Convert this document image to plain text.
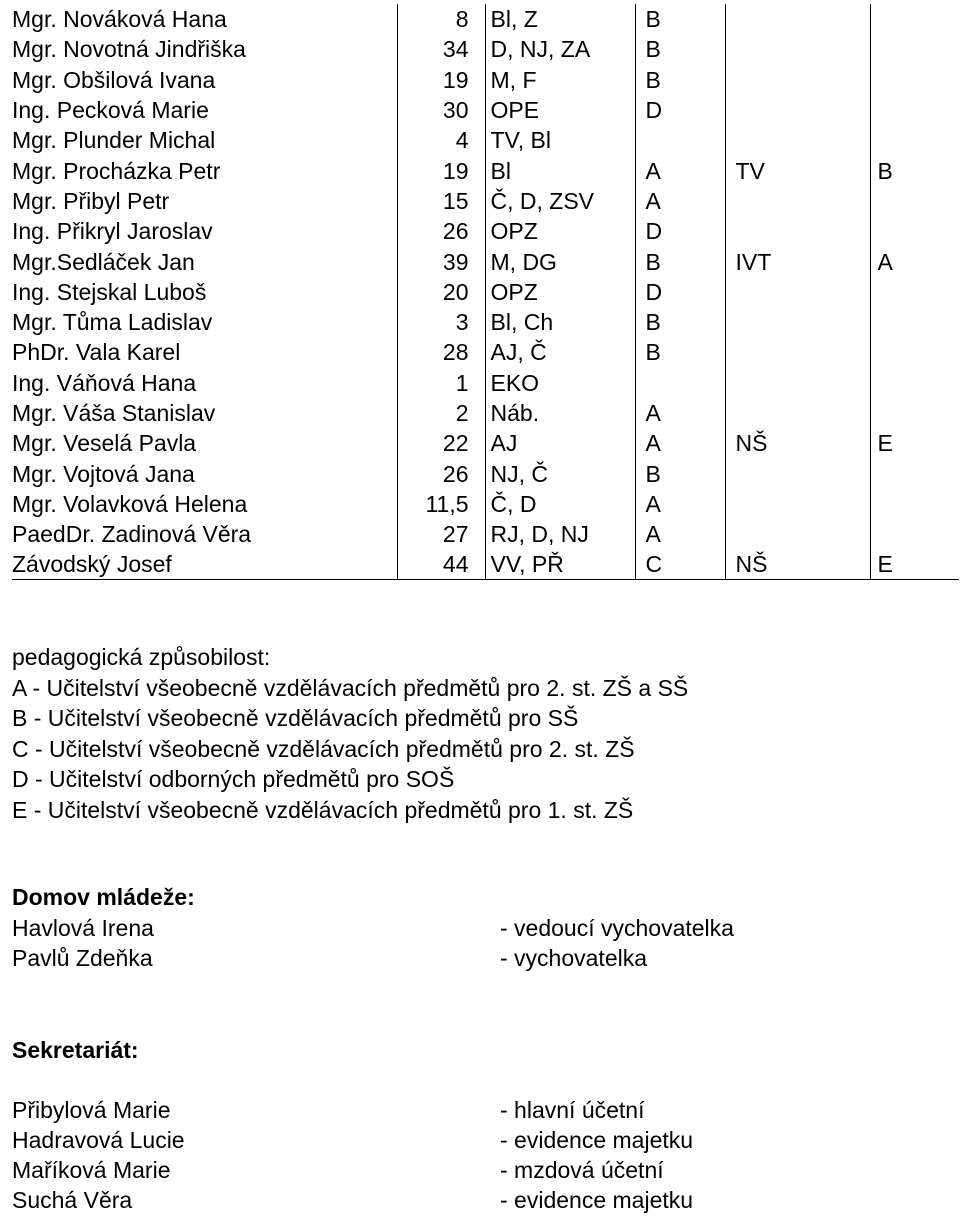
Mgr. Nováková Hana	8	Bl, Z	B		
Mgr. Novotná Jindřiška	34	D, NJ, ZA	B		
Mgr. Obšilová Ivana	19	M, F	B		
Ing. Pecková Marie	30	OPE	D		
Mgr. Plunder Michal	4	TV, Bl			
Mgr. Procházka Petr	19	Bl	A	TV	B
Mgr. Přibyl Petr	15	Č, D, ZSV	A		
Ing. Přikryl Jaroslav	26	OPZ	D		
Mgr.Sedláček Jan	39	M, DG	B	IVT	A
Ing. Stejskal Luboš	20	OPZ	D		
Mgr. Tůma Ladislav	3	Bl, Ch	B		
PhDr. Vala Karel	28	AJ, Č	B		
Ing. Váňová Hana	1	EKO			
Mgr. Váša Stanislav	2	Náb.	A		
Mgr. Veselá Pavla	22	AJ	A	NŠ	E
Mgr. Vojtová Jana	26	NJ, Č	B		
Mgr. Volavková Helena	11,5	Č, D	A		
PaedDr. Zadinová Věra	27	RJ, D, NJ	A		
Závodský Josef	44	VV, PŘ	C	NŠ	E
pedagogická způsobilost:
A - Učitelství všeobecně vzdělávacích předmětů pro 2. st. ZŠ a SŠ
B - Učitelství všeobecně vzdělávacích předmětů pro SŠ
C - Učitelství všeobecně vzdělávacích předmětů pro 2. st. ZŠ
D - Učitelství odborných předmětů pro SOŠ
E - Učitelství všeobecně vzdělávacích předmětů pro 1. st. ZŠ
Domov mládeže:
Havlová Irena	- vedoucí vychovatelka
Pavlů Zdeňka	- vychovatelka
Sekretariát:
Přibylová Marie	- hlavní účetní
Hadravová Lucie	- evidence majetku
Maříková Marie	- mzdová účetní
Suchá Věra	- evidence majetku
